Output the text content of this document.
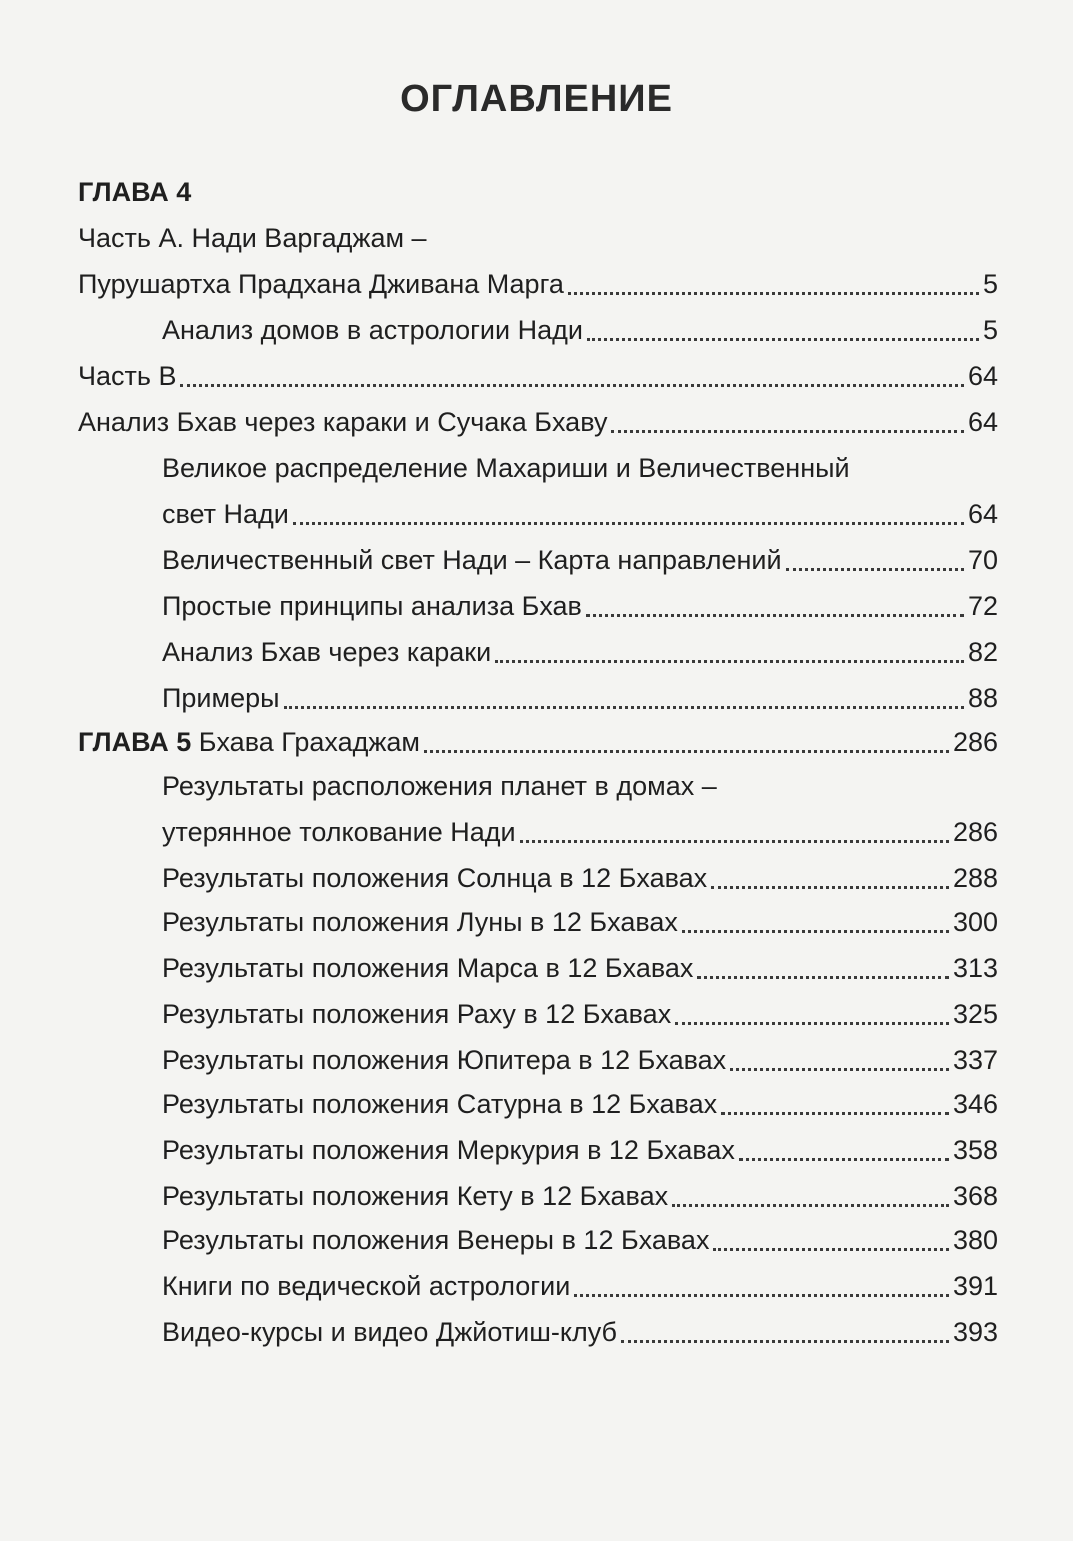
ОГЛАВЛЕНИЕ
ГЛАВА 4
Часть А. Нади Варгаджам –
Пурушартха Прадхана Дживана Марга	5
Анализ домов в астрологии Нади	5
Часть В	64
Анализ Бхав через караки и Сучака Бхаву	64
Великое распределение Махариши и Величественный
свет Нади	64
Величественный свет Нади – Карта направлений	70
Простые принципы анализа Бхав	72
Анализ Бхав через караки	82
Примеры	88
ГЛАВА 5 Бхава Грахаджам	286
Результаты расположения планет в домах –
утерянное толкование Нади	286
Результаты положения Солнца в 12 Бхавах	288
Результаты положения Луны в 12 Бхавах	300
Результаты положения Марса в 12 Бхавах	313
Результаты положения Раху в 12 Бхавах	325
Результаты положения Юпитера в 12 Бхавах	337
Результаты положения Сатурна в 12 Бхавах	346
Результаты положения Меркурия в 12 Бхавах	358
Результаты положения Кету в 12 Бхавах	368
Результаты положения Венеры в 12 Бхавах	380
Книги по ведической астрологии	391
Видео-курсы и видео Джйотиш-клуб	393
